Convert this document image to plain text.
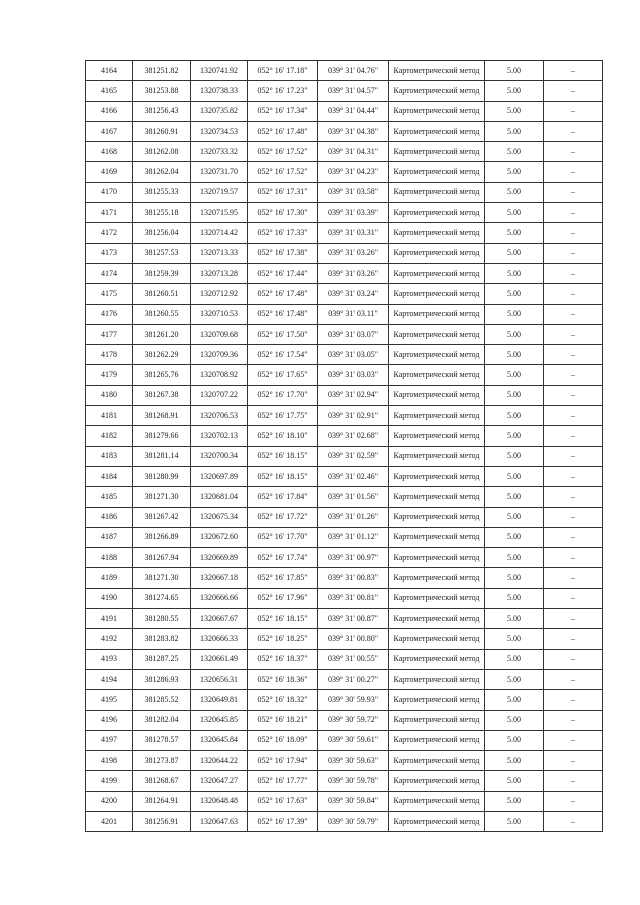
4164	381251.82	1320741.92	052° 16' 17.18"	039° 31' 04.76"	Картометрический метод	5.00	–
4165	381253.88	1320738.33	052° 16' 17.23"	039° 31' 04.57"	Картометрический метод	5.00	–
4166	381256.43	1320735.82	052° 16' 17.34"	039° 31' 04.44"	Картометрический метод	5.00	–
4167	381260.91	1320734.53	052° 16' 17.48"	039° 31' 04.38"	Картометрический метод	5.00	–
4168	381262.08	1320733.32	052° 16' 17.52"	039° 31' 04.31"	Картометрический метод	5.00	–
4169	381262.04	1320731.70	052° 16' 17.52"	039° 31' 04.23"	Картометрический метод	5.00	–
4170	381255.33	1320719.57	052° 16' 17.31"	039° 31' 03.58"	Картометрический метод	5.00	–
4171	381255.18	1320715.95	052° 16' 17.30"	039° 31' 03.39"	Картометрический метод	5.00	–
4172	381256.04	1320714.42	052° 16' 17.33"	039° 31' 03.31"	Картометрический метод	5.00	–
4173	381257.53	1320713.33	052° 16' 17.38"	039° 31' 03.26"	Картометрический метод	5.00	–
4174	381259.39	1320713.28	052° 16' 17.44"	039° 31' 03.26"	Картометрический метод	5.00	–
4175	381260.51	1320712.92	052° 16' 17.48"	039° 31' 03.24"	Картометрический метод	5.00	–
4176	381260.55	1320710.53	052° 16' 17.48"	039° 31' 03.11"	Картометрический метод	5.00	–
4177	381261.20	1320709.68	052° 16' 17.50"	039° 31' 03.07"	Картометрический метод	5.00	–
4178	381262.29	1320709.36	052° 16' 17.54"	039° 31' 03.05"	Картометрический метод	5.00	–
4179	381265.76	1320708.92	052° 16' 17.65"	039° 31' 03.03"	Картометрический метод	5.00	–
4180	381267.38	1320707.22	052° 16' 17.70"	039° 31' 02.94"	Картометрический метод	5.00	–
4181	381268.91	1320706.53	052° 16' 17.75"	039° 31' 02.91"	Картометрический метод	5.00	–
4182	381279.66	1320702.13	052° 16' 18.10"	039° 31' 02.68"	Картометрический метод	5.00	–
4183	381281.14	1320700.34	052° 16' 18.15"	039° 31' 02.59"	Картометрический метод	5.00	–
4184	381280.99	1320697.89	052° 16' 18.15"	039° 31' 02.46"	Картометрический метод	5.00	–
4185	381271.30	1320681.04	052° 16' 17.84"	039° 31' 01.56"	Картометрический метод	5.00	–
4186	381267.42	1320675.34	052° 16' 17.72"	039° 31' 01.26"	Картометрический метод	5.00	–
4187	381266.89	1320672.60	052° 16' 17.70"	039° 31' 01.12"	Картометрический метод	5.00	–
4188	381267.94	1320669.89	052° 16' 17.74"	039° 31' 00.97"	Картометрический метод	5.00	–
4189	381271.30	1320667.18	052° 16' 17.85"	039° 31' 00.83"	Картометрический метод	5.00	–
4190	381274.65	1320666.66	052° 16' 17.96"	039° 31' 00.81"	Картометрический метод	5.00	–
4191	381280.55	1320667.67	052° 16' 18.15"	039° 31' 00.87"	Картометрический метод	5.00	–
4192	381283.82	1320666.33	052° 16' 18.25"	039° 31' 00.80"	Картометрический метод	5.00	–
4193	381287.25	1320661.49	052° 16' 18.37"	039° 31' 00.55"	Картометрический метод	5.00	–
4194	381286.93	1320656.31	052° 16' 18.36"	039° 31' 00.27"	Картометрический метод	5.00	–
4195	381285.52	1320649.81	052° 16' 18.32"	039° 30' 59.93"	Картометрический метод	5.00	–
4196	381282.04	1320645.85	052° 16' 18.21"	039° 30' 59.72"	Картометрический метод	5.00	–
4197	381278.57	1320645.84	052° 16' 18.09"	039° 30' 59.61"	Картометрический метод	5.00	–
4198	381273.87	1320644.22	052° 16' 17.94"	039° 30' 59.63"	Картометрический метод	5.00	–
4199	381268.67	1320647.27	052° 16' 17.77"	039° 30' 59.78"	Картометрический метод	5.00	–
4200	381264.91	1320648.48	052° 16' 17.63"	039° 30' 59.84"	Картометрический метод	5.00	–
4201	381256.91	1320647.63	052° 16' 17.39"	039° 30' 59.79"	Картометрический метод	5.00	–
